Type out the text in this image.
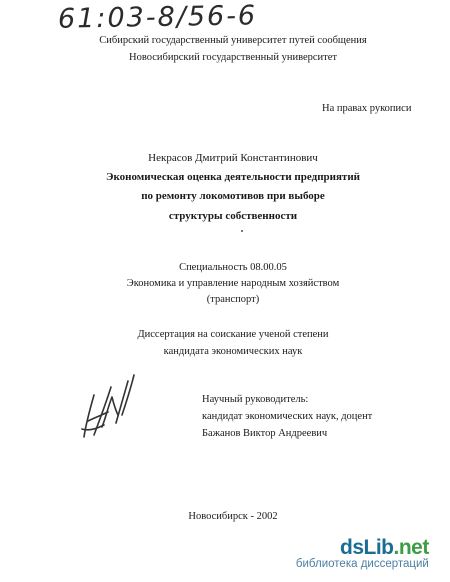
61:03-8/56-6
Сибирский государственный университет путей сообщения
Новосибирский государственный университет
На правах рукописи
Некрасов Дмитрий Константинович
Экономическая оценка деятельности предприятий
по ремонту локомотивов при выборе
структуры собственности
Специальность 08.00.05
Экономика и управление народным хозяйством
(транспорт)
Диссертация на соискание ученой степени
кандидата экономических наук
Научный руководитель:
кандидат экономических наук, доцент
Бажанов Виктор Андреевич
Новосибирск - 2002
dsLib.net
библиотека диссертаций
